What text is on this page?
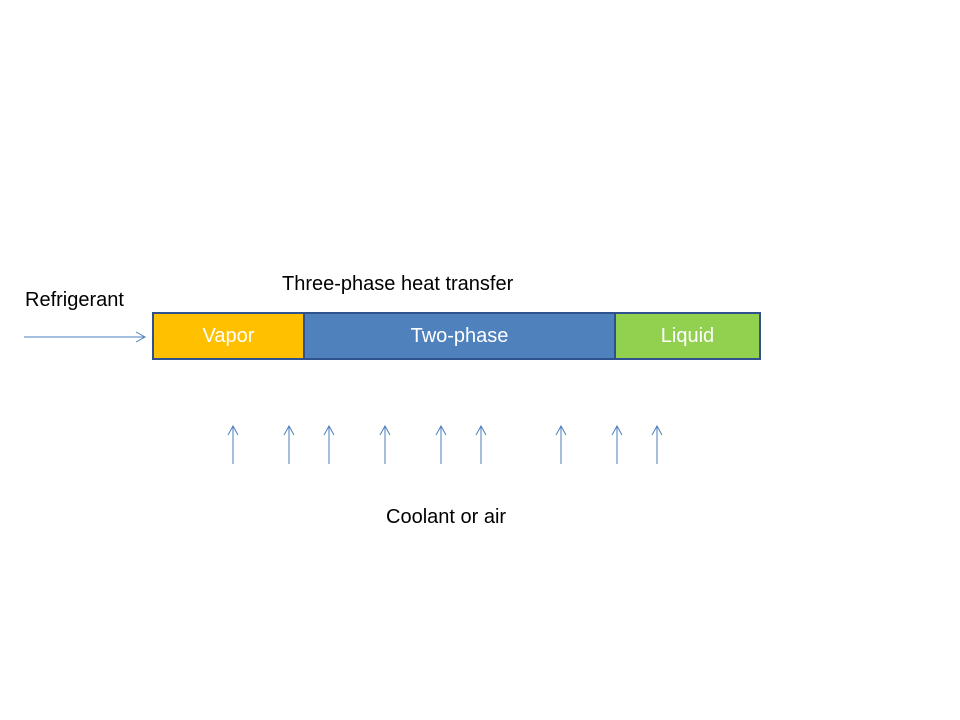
Three-phase heat transfer
Refrigerant
Vapor	Two-phase	Liquid
Coolant or air
